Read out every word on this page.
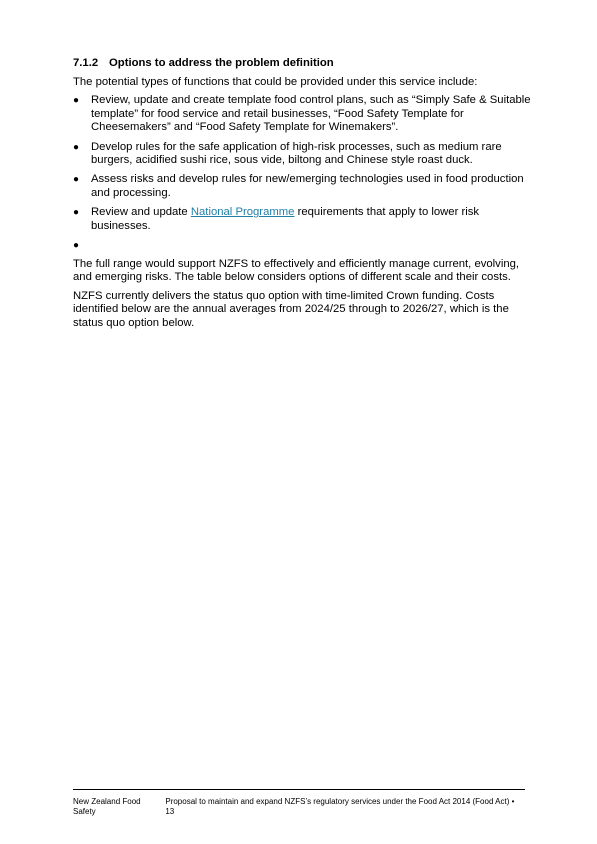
7.1.2 Options to address the problem definition

The potential types of functions that could be provided under this service include:

● Review, update and create template food control plans, such as “Simply Safe & Suitable template” for food service and retail businesses, “Food Safety Template for Cheesemakers” and “Food Safety Template for Winemakers”.
● Develop rules for the safe application of high-risk processes, such as medium rare burgers, acidified sushi rice, sous vide, biltong and Chinese style roast duck.
● Assess risks and develop rules for new/emerging technologies used in food production and processing.
● Review and update National Programme requirements that apply to lower risk businesses.
●

The full range would support NZFS to effectively and efficiently manage current, evolving, and emerging risks. The table below considers options of different scale and their costs.

NZFS currently delivers the status quo option with time-limited Crown funding. Costs identified below are the annual averages from 2024/25 through to 2026/27, which is the status quo option below.

New Zealand Food Safety
Proposal to maintain and expand NZFS’s regulatory services under the Food Act 2014 (Food Act) • 13
